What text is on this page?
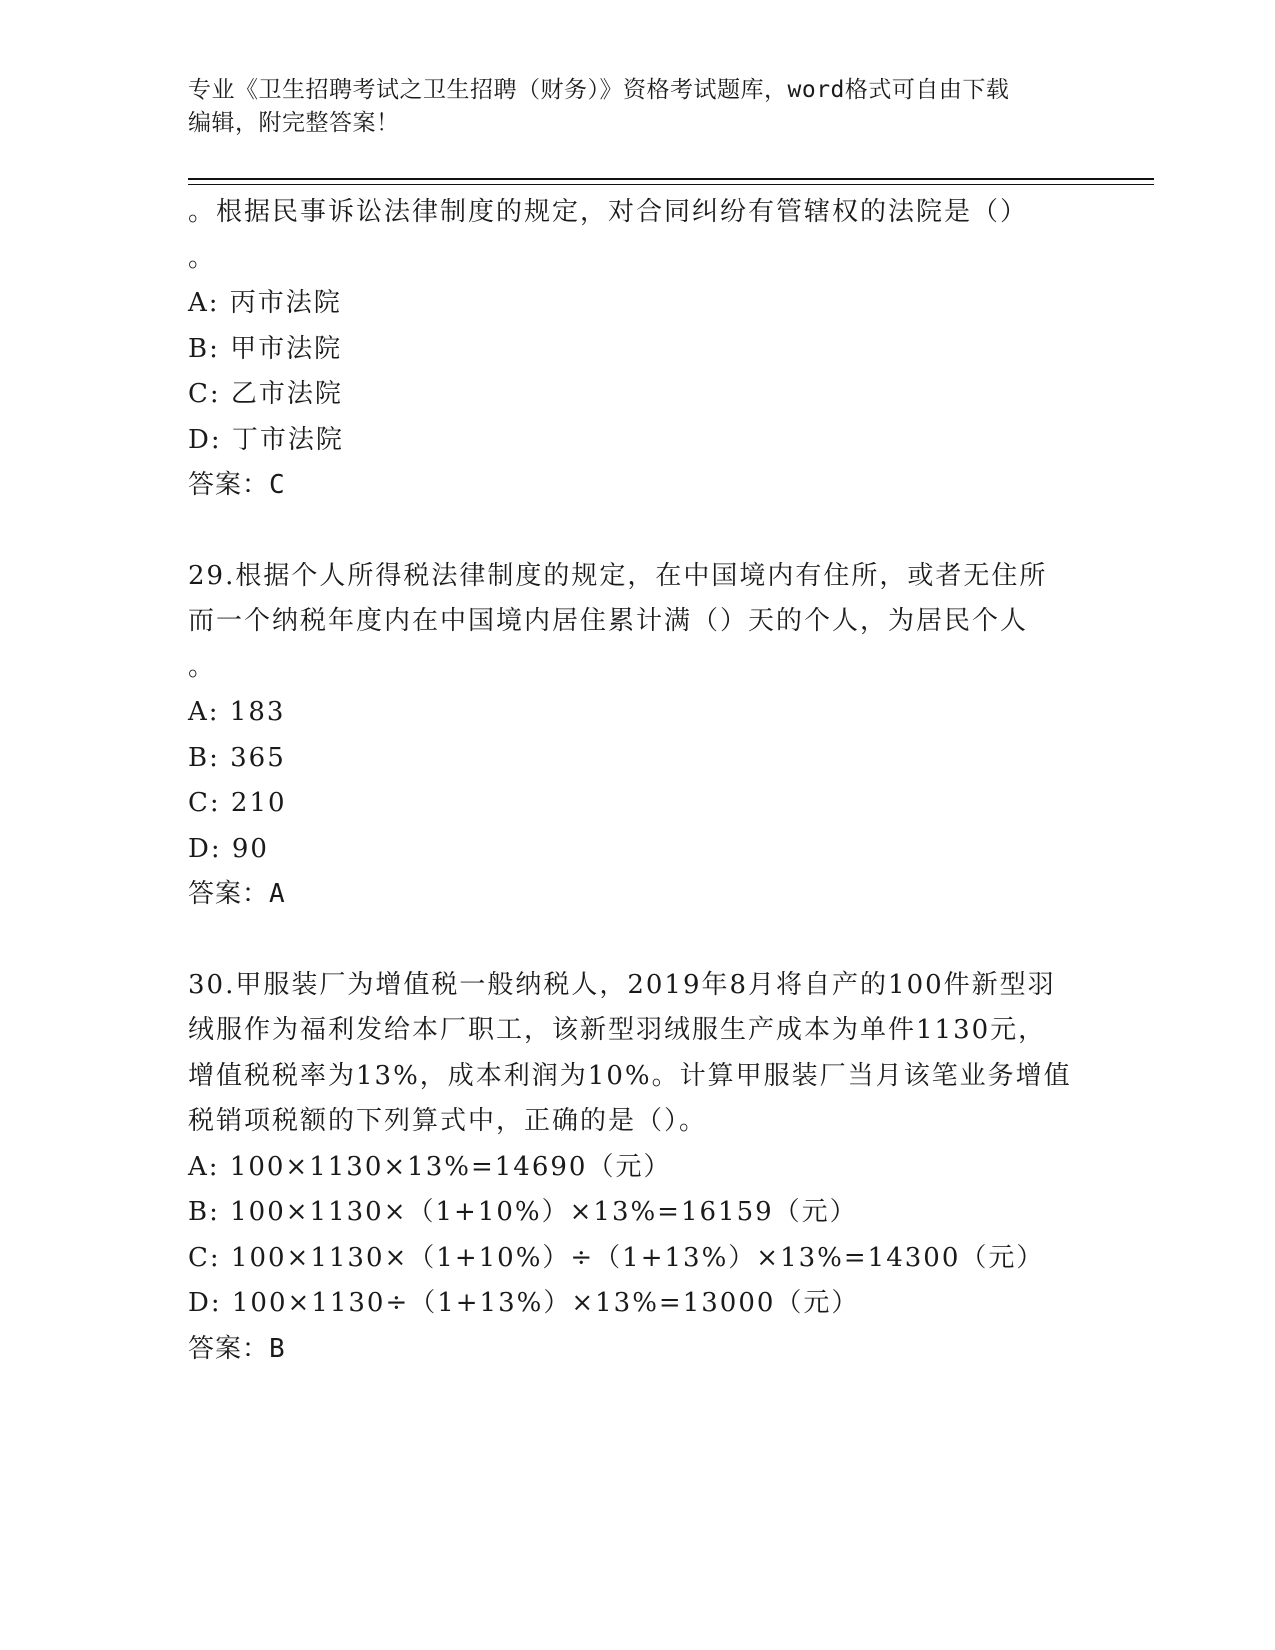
专业《卫生招聘考试之卫生招聘（财务）》资格考试题库，word格式可自由下载
编辑，附完整答案！
。根据民事诉讼法律制度的规定，对合同纠纷有管辖权的法院是（）
。
A: 丙市法院
B: 甲市法院
C: 乙市法院
D: 丁市法院
答案：C
29.根据个人所得税法律制度的规定，在中国境内有住所，或者无住所
而一个纳税年度内在中国境内居住累计满（）天的个人，为居民个人
。
A: 183
B: 365
C: 210
D: 90
答案：A
30.甲服装厂为增值税一般纳税人，2019年8月将自产的100件新型羽
绒服作为福利发给本厂职工，该新型羽绒服生产成本为单件1130元，
增值税税率为13%，成本利润为10%。计算甲服装厂当月该笔业务增值
税销项税额的下列算式中，正确的是（）。
A: 100×1130×13%=14690（元）
B: 100×1130×（1+10%）×13%=16159（元）
C: 100×1130×（1+10%）÷（1+13%）×13%=14300（元）
D: 100×1130÷（1+13%）×13%=13000（元）
答案：B
